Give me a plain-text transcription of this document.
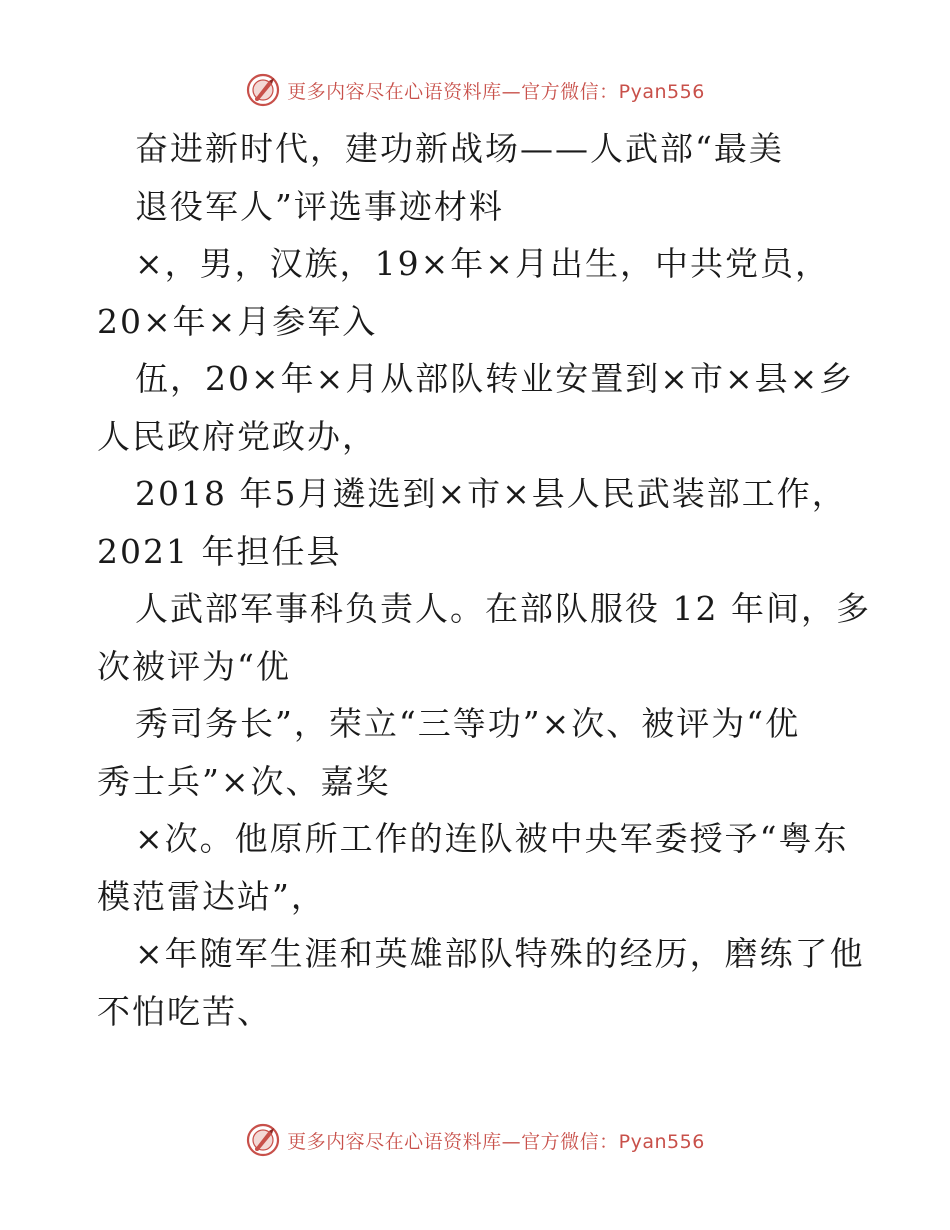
更多内容尽在心语资料库—官方微信：Pyan556
奋进新时代，建功新战场——人武部“最美
退役军人”评选事迹材料
×，男，汉族，19×年×月出生，中共党员，
20×年×月参军入
伍，20×年×月从部队转业安置到×市×县×乡
人民政府党政办，
2018 年5月遴选到×市×县人民武装部工作，
2021 年担任县
人武部军事科负责人。在部队服役 12 年间，多
次被评为“优
秀司务长”，荣立“三等功”×次、被评为“优
秀士兵”×次、嘉奖
×次。他原所工作的连队被中央军委授予“粤东
模范雷达站”，
×年随军生涯和英雄部队特殊的经历，磨练了他
不怕吃苦、
更多内容尽在心语资料库—官方微信：Pyan556
